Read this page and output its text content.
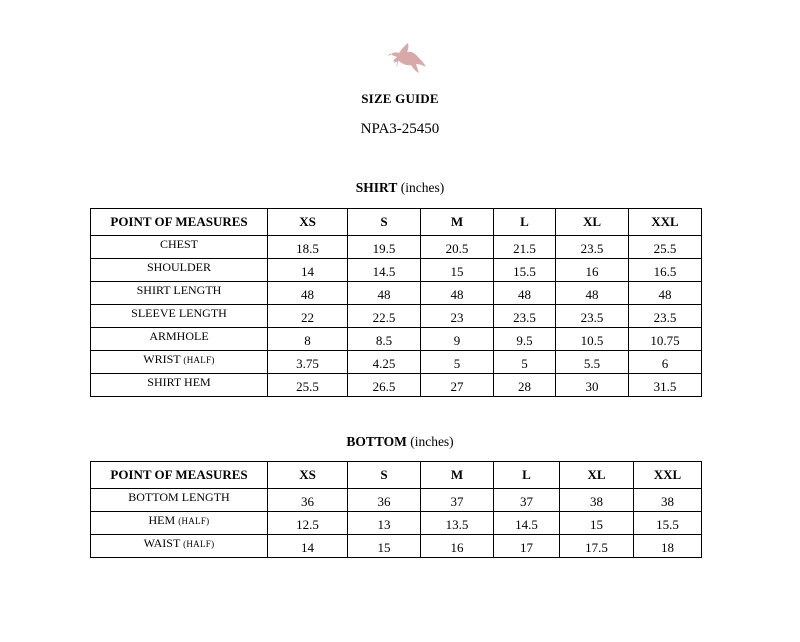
SIZE GUIDE
NPA3-25450
SHIRT (inches)
POINT OF MEASURES	XS	S	M	L	XL	XXL
CHEST	18.5	19.5	20.5	21.5	23.5	25.5
SHOULDER	14	14.5	15	15.5	16	16.5
SHIRT LENGTH	48	48	48	48	48	48
SLEEVE LENGTH	22	22.5	23	23.5	23.5	23.5
ARMHOLE	8	8.5	9	9.5	10.5	10.75
WRIST (HALF)	3.75	4.25	5	5	5.5	6
SHIRT HEM	25.5	26.5	27	28	30	31.5
BOTTOM (inches)
POINT OF MEASURES	XS	S	M	L	XL	XXL
BOTTOM LENGTH	36	36	37	37	38	38
HEM (HALF)	12.5	13	13.5	14.5	15	15.5
WAIST (HALF)	14	15	16	17	17.5	18
